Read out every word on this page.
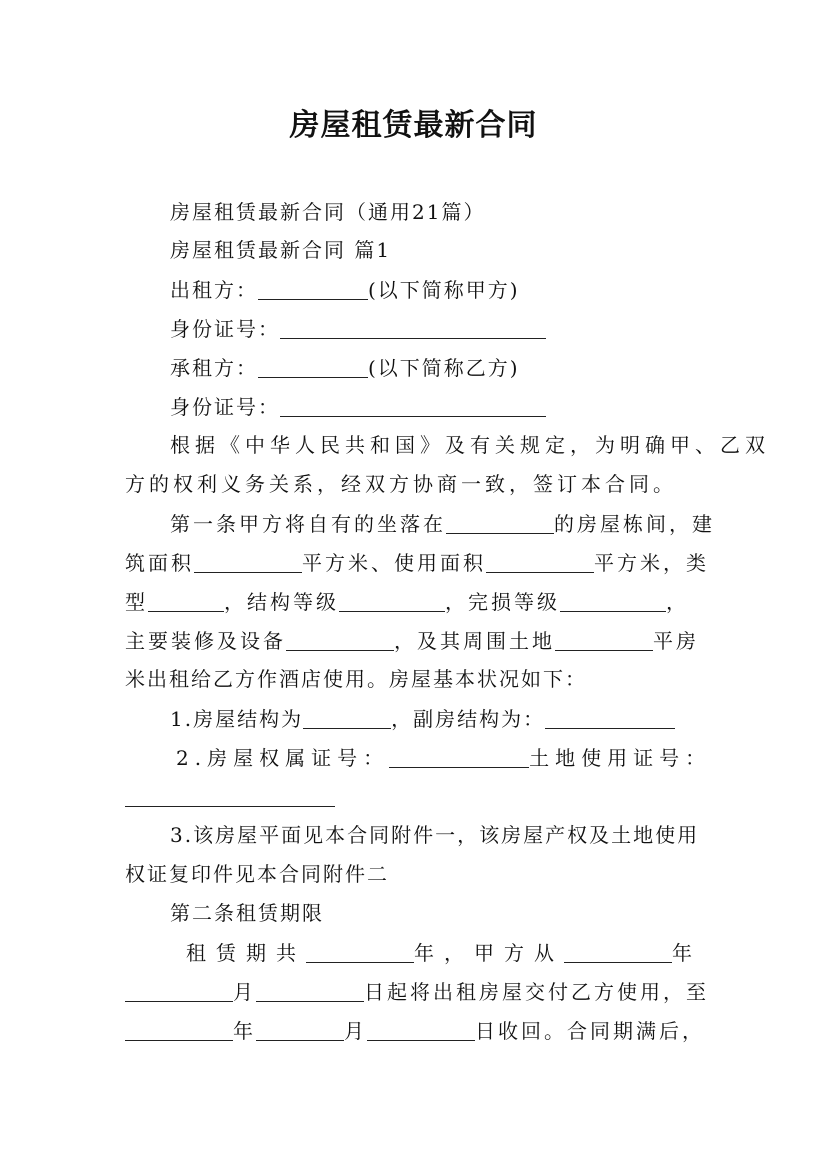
房屋租赁最新合同
房屋租赁最新合同（通用21篇）
房屋租赁最新合同 篇1
出租方：	(以下简称甲方)
身份证号：
承租方：	(以下简称乙方)
身份证号：
根据《中华人民共和国》及有关规定，为明确甲、乙双
方的权利义务关系，经双方协商一致，签订本合同。
第一条甲方将自有的坐落在	的房屋栋间，建
筑面积	平方米、使用面积	平方米，类
型	，结构等级	，完损等级	，
主要装修及设备	，及其周围土地	平房
米出租给乙方作酒店使用。房屋基本状况如下：
1.房屋结构为	，副房结构为：
2.房屋权属证号：	土地使用证号：
3.该房屋平面见本合同附件一，该房屋产权及土地使用
权证复印件见本合同附件二
第二条租赁期限
租赁期共	年，甲方从	年
月	日起将出租房屋交付乙方使用，至
年	月	日收回。合同期满后，
